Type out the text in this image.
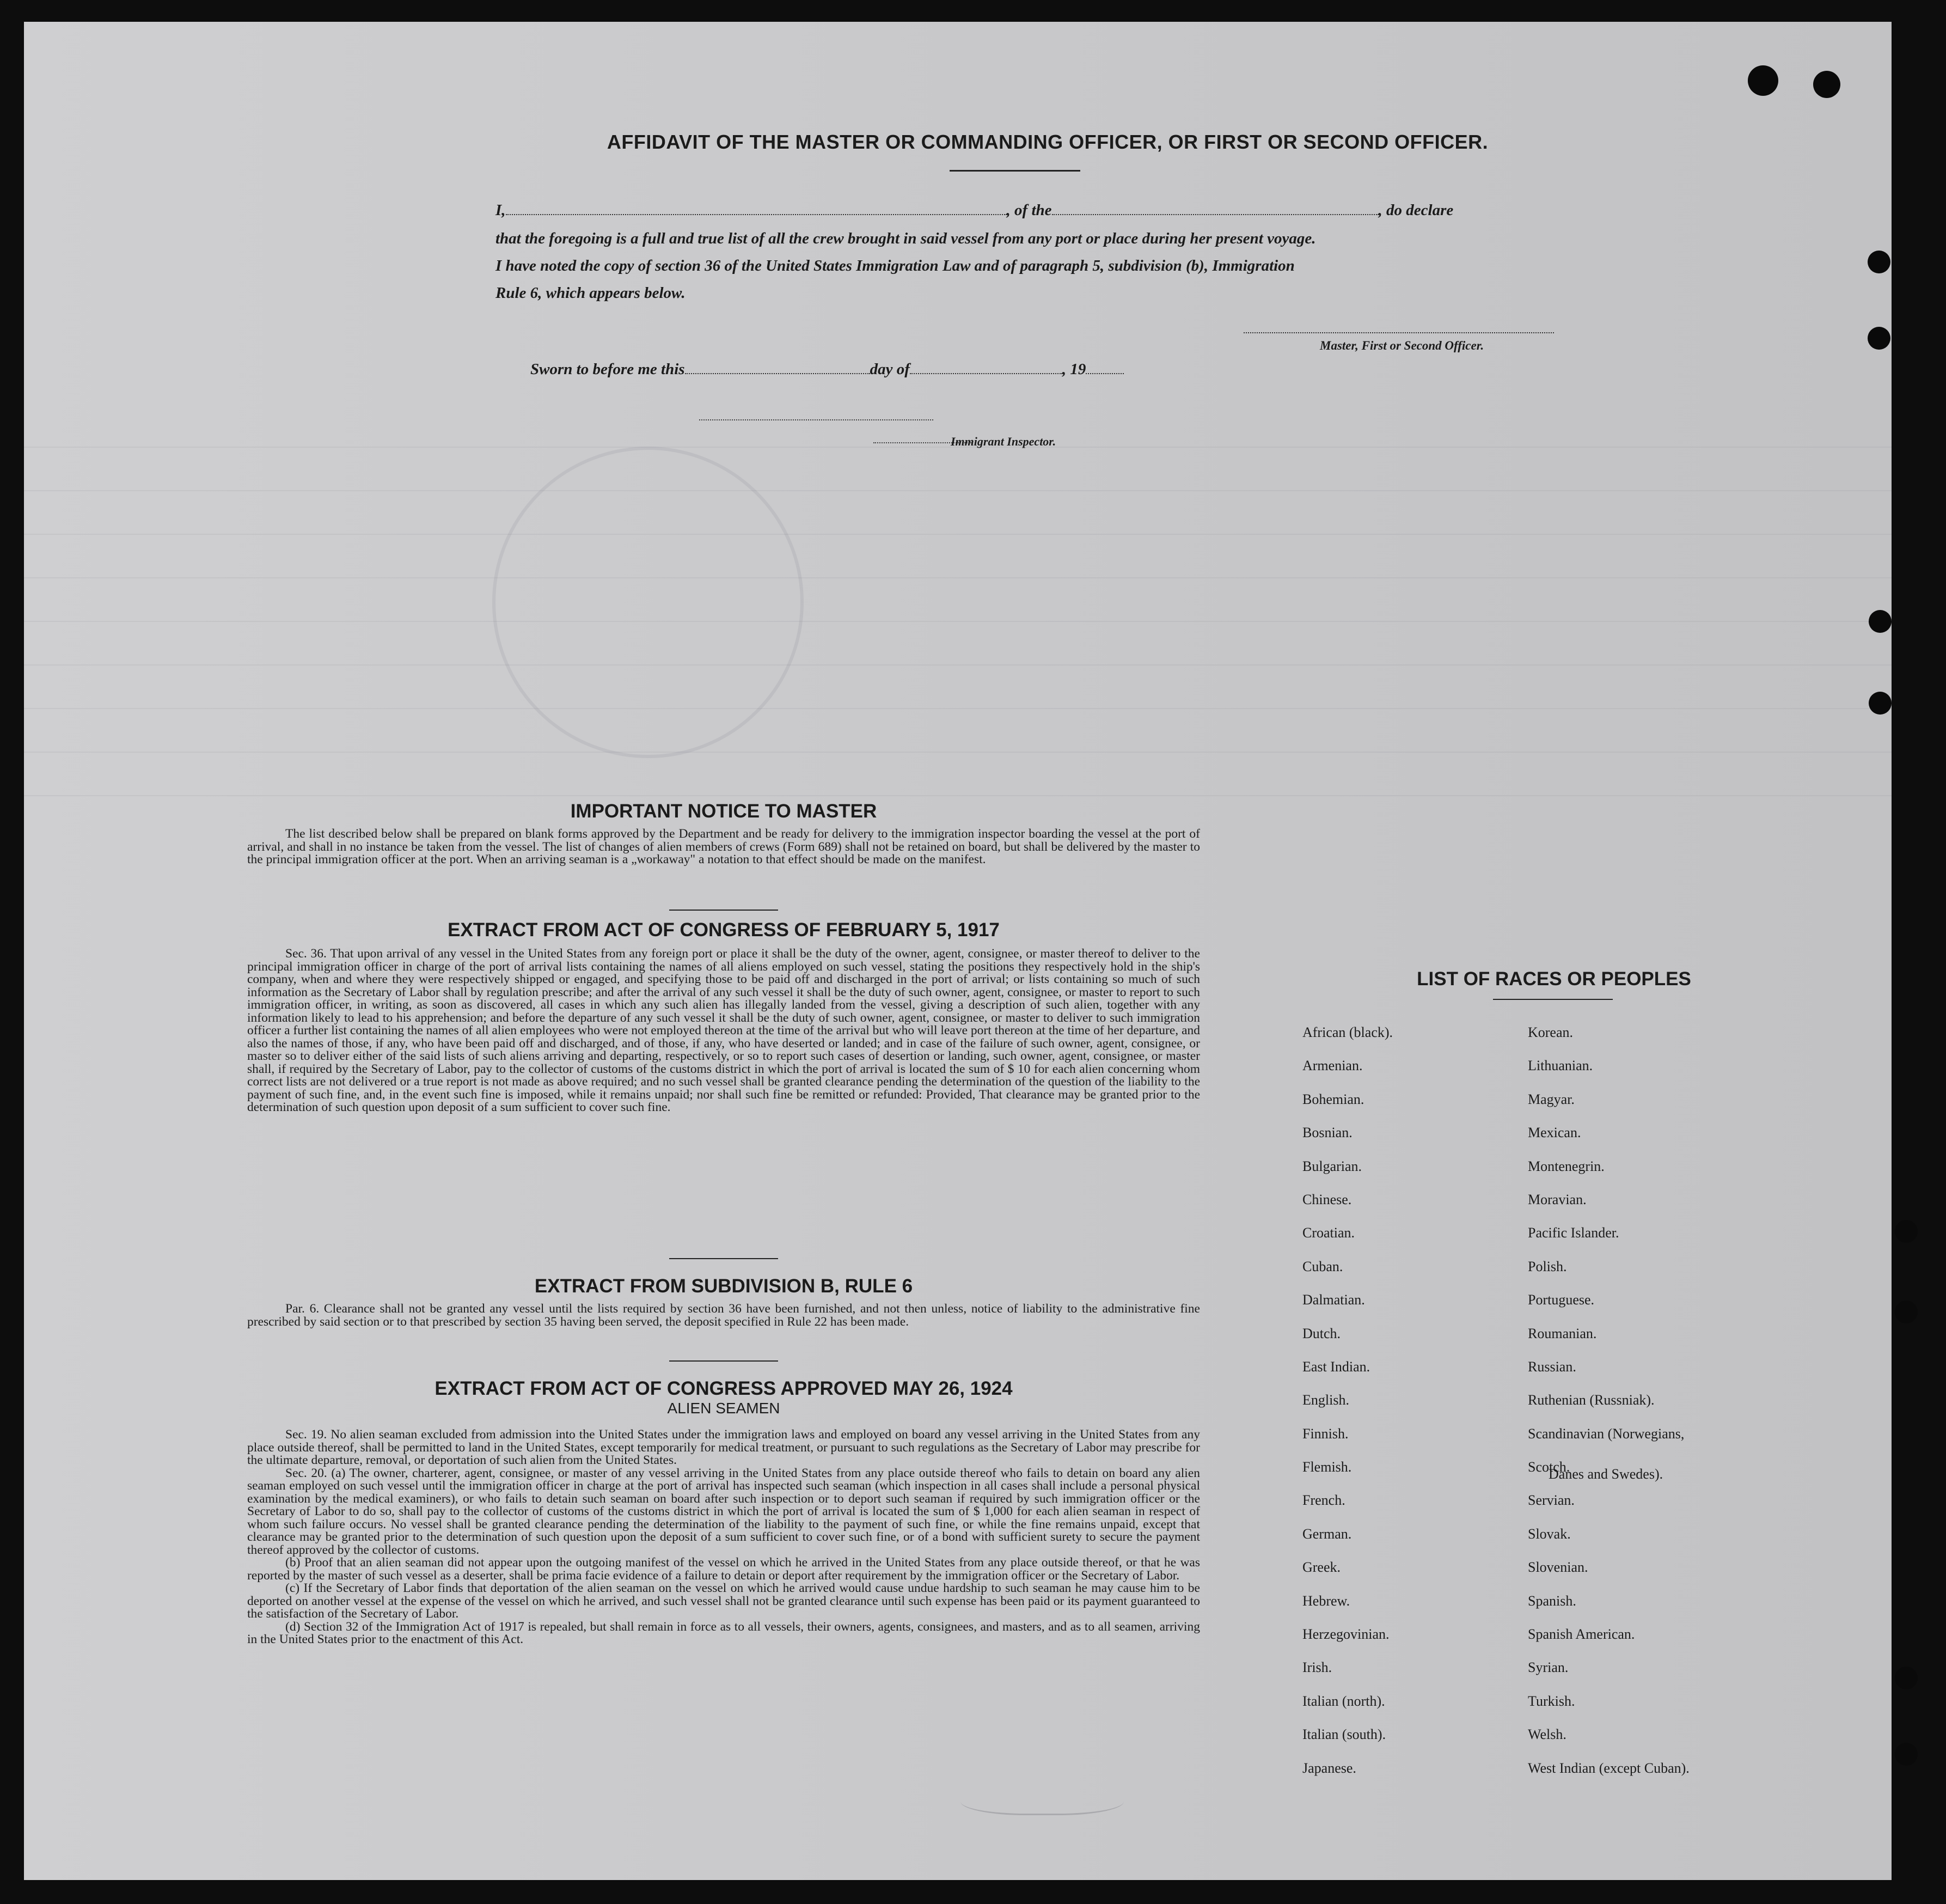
AFFIDAVIT OF THE MASTER OR COMMANDING OFFICER, OR FIRST OR SECOND OFFICER.
I,	, of the	, do declare
that the foregoing is a full and true list of all the crew brought in said vessel from any port or place during her present voyage.
I have noted the copy of section 36 of the United States Immigration Law and of paragraph 5, subdivision (b), Immigration
Rule 6, which appears below.
Master, First or Second Officer.
Sworn to before me this	day of	, 19
Immigrant Inspector.
IMPORTANT NOTICE TO MASTER

The list described below shall be prepared on blank forms approved by the Department and be ready for delivery to the immigration inspector boarding the vessel at the port of arrival, and shall in no instance be taken from the vessel. The list of changes of alien members of crews (Form 689) shall not be retained on board, but shall be delivered by the master to the principal immigration officer at the port. When an arriving seaman is a „workaway" a notation to that effect should be made on the manifest.

EXTRACT FROM ACT OF CONGRESS OF FEBRUARY 5, 1917

Sec. 36. That upon arrival of any vessel in the United States from any foreign port or place it shall be the duty of the owner, agent, consignee, or master thereof to deliver to the principal immigration officer in charge of the port of arrival lists containing the names of all aliens employed on such vessel, stating the positions they respectively hold in the ship's company, when and where they were respectively shipped or engaged, and specifying those to be paid off and discharged in the port of arrival; or lists containing so much of such information as the Secretary of Labor shall by regulation prescribe; and after the arrival of any such vessel it shall be the duty of such owner, agent, consignee, or master to report to such immigration officer, in writing, as soon as discovered, all cases in which any such alien has illegally landed from the vessel, giving a description of such alien, together with any information likely to lead to his apprehension; and before the departure of any such vessel it shall be the duty of such owner, agent, consignee, or master to deliver to such immigration officer a further list containing the names of all alien employees who were not employed thereon at the time of the arrival but who will leave port thereon at the time of her departure, and also the names of those, if any, who have been paid off and discharged, and of those, if any, who have deserted or landed; and in case of the failure of such owner, agent, consignee, or master so to deliver either of the said lists of such aliens arriving and departing, respectively, or so to report such cases of desertion or landing, such owner, agent, consignee, or master shall, if required by the Secretary of Labor, pay to the collector of customs of the customs district in which the port of arrival is located the sum of $ 10 for each alien concerning whom correct lists are not delivered or a true report is not made as above required; and no such vessel shall be granted clearance pending the determination of the question of the liability to the payment of such fine, and, in the event such fine is imposed, while it remains unpaid; nor shall such fine be remitted or refunded: Provided, That clearance may be granted prior to the determination of such question upon deposit of a sum sufficient to cover such fine.

EXTRACT FROM SUBDIVISION B, RULE 6

Par. 6. Clearance shall not be granted any vessel until the lists required by section 36 have been furnished, and not then unless, notice of liability to the administrative fine prescribed by said section or to that prescribed by section 35 having been served, the deposit specified in Rule 22 has been made.

EXTRACT FROM ACT OF CONGRESS APPROVED MAY 26, 1924
ALIEN SEAMEN

Sec. 19. No alien seaman excluded from admission into the United States under the immigration laws and employed on board any vessel arriving in the United States from any place outside thereof, shall be permitted to land in the United States, except temporarily for medical treatment, or pursuant to such regulations as the Secretary of Labor may prescribe for the ultimate departure, removal, or deportation of such alien from the United States.

Sec. 20. (a) The owner, charterer, agent, consignee, or master of any vessel arriving in the United States from any place outside thereof who fails to detain on board any alien seaman employed on such vessel until the immigration officer in charge at the port of arrival has inspected such seaman (which inspection in all cases shall include a personal physical examination by the medical examiners), or who fails to detain such seaman on board after such inspection or to deport such seaman if required by such immigration officer or the Secretary of Labor to do so, shall pay to the collector of customs of the customs district in which the port of arrival is located the sum of $ 1,000 for each alien seaman in respect of whom such failure occurs. No vessel shall be granted clearance pending the determination of the liability to the payment of such fine, or while the fine remains unpaid, except that clearance may be granted prior to the determination of such question upon the deposit of a sum sufficient to cover such fine, or of a bond with sufficient surety to secure the payment thereof approved by the collector of customs.

(b) Proof that an alien seaman did not appear upon the outgoing manifest of the vessel on which he arrived in the United States from any place outside thereof, or that he was reported by the master of such vessel as a deserter, shall be prima facie evidence of a failure to detain or deport after requirement by the immigration officer or the Secretary of Labor.

(c) If the Secretary of Labor finds that deportation of the alien seaman on the vessel on which he arrived would cause undue hardship to such seaman he may cause him to be deported on another vessel at the expense of the vessel on which he arrived, and such vessel shall not be granted clearance until such expense has been paid or its payment guaranteed to the satisfaction of the Secretary of Labor.

(d) Section 32 of the Immigration Act of 1917 is repealed, but shall remain in force as to all vessels, their owners, agents, consignees, and masters, and as to all seamen, arriving in the United States prior to the enactment of this Act.

LIST OF RACES OR PEOPLES
African (black).
Armenian.
Bohemian.
Bosnian.
Bulgarian.
Chinese.
Croatian.
Cuban.
Dalmatian.
Dutch.
East Indian.
English.
Finnish.
Flemish.
French.
German.
Greek.
Hebrew.
Herzegovinian.
Irish.
Italian (north).
Italian (south).
Japanese.
Korean.
Lithuanian.
Magyar.
Mexican.
Montenegrin.
Moravian.
Pacific Islander.
Polish.
Portuguese.
Roumanian.
Russian.
Ruthenian (Russniak).
Scandinavian (Norwegians,
Scotch.
Servian.
Slovak.
Slovenian.
Spanish.
Spanish American.
Syrian.
Turkish.
Welsh.
West Indian (except Cuban).
Danes and Swedes).
